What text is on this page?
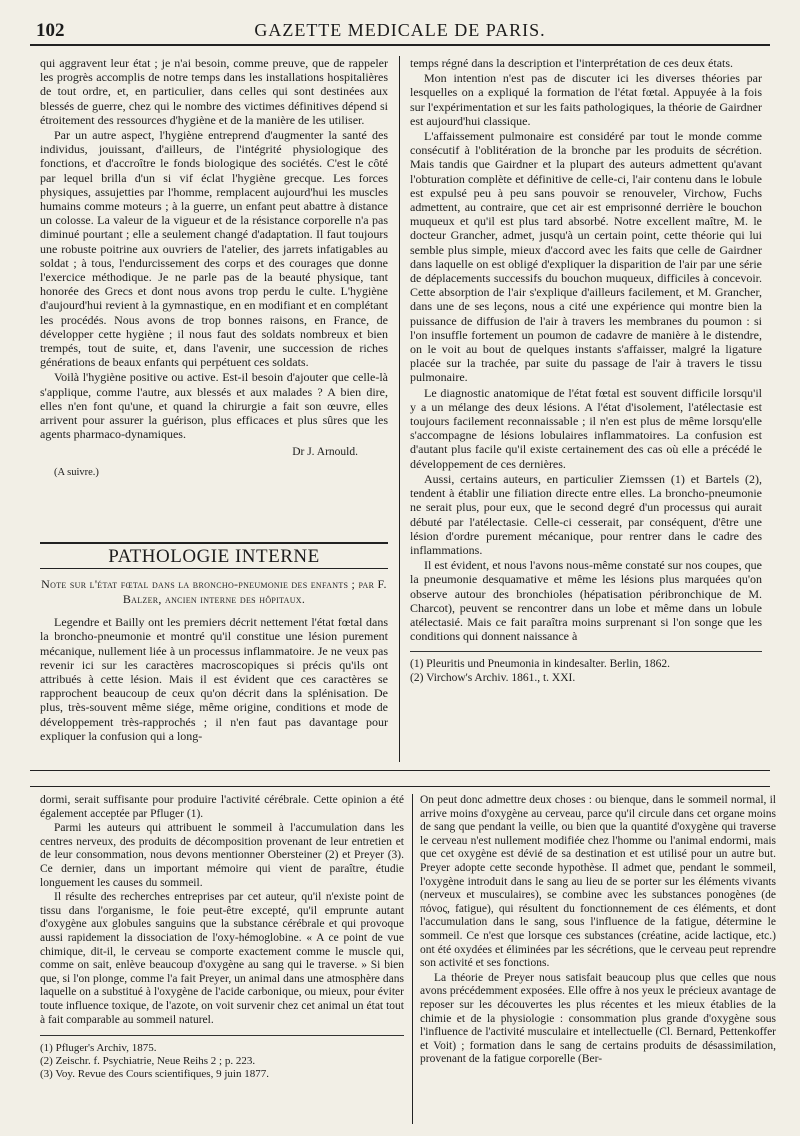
102	GAZETTE MEDICALE DE PARIS.

qui aggravent leur état ; je n'ai besoin, comme preuve, que de rappeler les progrès accomplis de notre temps dans les installations hospitalières de tout ordre, et, en particulier, dans celles qui sont destinées aux blessés de guerre, chez qui le nombre des victimes définitives dépend si étroitement des ressources d'hygiène et de la manière de les utiliser.

Par un autre aspect, l'hygiène entreprend d'augmenter la santé des individus, jouissant, d'ailleurs, de l'intégrité physiologique des fonctions, et d'accroître le fonds biologique des sociétés. C'est le côté par lequel brilla d'un si vif éclat l'hygiène grecque. Les forces physiques, assujetties par l'homme, remplacent aujourd'hui les muscles humains comme moteurs ; à la guerre, un enfant peut abattre à distance un colosse. La valeur de la vigueur et de la résistance corporelle n'a pas diminué pourtant ; elle a seulement changé d'adaptation. Il faut toujours une robuste poitrine aux ouvriers de l'atelier, des jarrets infatigables au soldat ; à tous, l'endurcissement des corps et des courages que donne l'exercice méthodique. Je ne parle pas de la beauté physique, tant honorée des Grecs et dont nous avons trop perdu le culte. L'hygiène d'aujourd'hui revient à la gymnastique, en en modifiant et en complétant les procédés. Nous avons de trop bonnes raisons, en France, de développer cette hygiène ; il nous faut des soldats nombreux et bien trempés, tout de suite, et, dans l'avenir, une succession de riches générations de beaux enfants qui perpétuent ces soldats.

Voilà l'hygiène positive ou active. Est-il besoin d'ajouter que celle-là s'applique, comme l'autre, aux blessés et aux malades ? A bien dire, elles n'en font qu'une, et quand la chirurgie a fait son œuvre, elles arrivent pour assurer la guérison, plus efficaces et plus sûres que les agents pharmaco-dynamiques.

Dr J. Arnould.
(A suivre.)
PATHOLOGIE INTERNE
Note sur l'état fœtal dans la broncho-pneumonie des enfants ; par F. Balzer, ancien interne des hôpitaux.

Legendre et Bailly ont les premiers décrit nettement l'état fœtal dans la broncho-pneumonie et montré qu'il constitue une lésion purement mécanique, nullement liée à un processus inflammatoire. Je ne veux pas revenir ici sur les caractères macroscopiques si précis qu'ils ont attribués à cette lésion. Mais il est évident que ces caractères se rapprochent beaucoup de ceux qu'on décrit dans la splénisation. De plus, très-souvent même siége, même origine, conditions et mode de développement très-rapprochés ; il n'en faut pas davantage pour expliquer la confusion qui a long-

temps régné dans la description et l'interprétation de ces deux états.

Mon intention n'est pas de discuter ici les diverses théories par lesquelles on a expliqué la formation de l'état fœtal. Appuyée à la fois sur l'expérimentation et sur les faits pathologiques, la théorie de Gairdner est aujourd'hui classique.

L'affaissement pulmonaire est considéré par tout le monde comme consécutif à l'oblitération de la bronche par les produits de sécrétion. Mais tandis que Gairdner et la plupart des auteurs admettent qu'avant l'obturation complète et définitive de celle-ci, l'air contenu dans le lobule est expulsé peu à peu sans pouvoir se renouveler, Virchow, Fuchs admettent, au contraire, que cet air est emprisonné derrière le bouchon muqueux et qu'il est plus tard absorbé. Notre excellent maître, M. le docteur Grancher, admet, jusqu'à un certain point, cette théorie qui lui semble plus simple, mieux d'accord avec les faits que celle de Gairdner dans laquelle on est obligé d'expliquer la disparition de l'air par une série de déplacements successifs du bouchon muqueux, difficiles à concevoir. Cette absorption de l'air s'explique d'ailleurs facilement, et M. Grancher, dans une de ses leçons, nous a cité une expérience qui montre bien la puissance de diffusion de l'air à travers les membranes du poumon : si l'on insuffle fortement un poumon de cadavre de manière à le distendre, on le voit au bout de quelques instants s'affaisser, malgré la ligature placée sur la trachée, par suite du passage de l'air à travers le tissu pulmonaire.

Le diagnostic anatomique de l'état fœtal est souvent difficile lorsqu'il y a un mélange des deux lésions. A l'état d'isolement, l'atélectasie est toujours facilement reconnaissable ; il n'en est plus de même lorsqu'elle s'accompagne de lésions lobulaires inflammatoires. La confusion est d'autant plus facile qu'il existe certainement des cas où elle a précédé le développement de ces dernières.

Aussi, certains auteurs, en particulier Ziemssen (1) et Bartels (2), tendent à établir une filiation directe entre elles. La broncho-pneumonie ne serait plus, pour eux, que le second degré d'un processus qui aurait débuté par l'atélectasie. Celle-ci cesserait, par conséquent, d'être une lésion d'ordre purement mécanique, pour rentrer dans le cadre des inflammations.

Il est évident, et nous l'avons nous-même constaté sur nos coupes, que la pneumonie desquamative et même les lésions plus marquées qu'on observe autour des bronchioles (hépatisation péribronchique de M. Charcot), peuvent se rencontrer dans un lobe et même dans un lobule atélectasié. Mais ce fait paraîtra moins surprenant si l'on songe que les conditions qui donnent naissance à

(1) Pleuritis und Pneumonia in kindesalter. Berlin, 1862.
(2) Virchow's Archiv. 1861., t. XXI.

dormi, serait suffisante pour produire l'activité cérébrale. Cette opinion a été également acceptée par Pfluger (1).

Parmi les auteurs qui attribuent le sommeil à l'accumulation dans les centres nerveux, des produits de décomposition provenant de leur entretien et de leur consommation, nous devons mentionner Obersteiner (2) et Preyer (3). Ce dernier, dans un important mémoire qui vient de paraître, étudie longuement les causes du sommeil.

Il résulte des recherches entreprises par cet auteur, qu'il n'existe point de tissu dans l'organisme, le foie peut-être excepté, qu'il emprunte autant d'oxygène aux globules sanguins que la substance cérébrale et qui provoque aussi rapidement la dissociation de l'oxy-hémoglobine. « A ce point de vue chimique, dit-il, le cerveau se comporte exactement comme le muscle qui, comme on sait, enlève beaucoup d'oxygène au sang qui le traverse. » Si bien que, si l'on plonge, comme l'a fait Preyer, un animal dans une atmosphère dans laquelle on a substitué à l'oxygène de l'acide carbonique, ou mieux, pour éviter toute influence toxique, de l'azote, on voit survenir chez cet animal un état tout à fait comparable au sommeil naturel.

(1) Pfluger's Archiv, 1875.
(2) Zeischr. f. Psychiatrie, Neue Reihs 2 ; p. 223.
(3) Voy. Revue des Cours scientifiques, 9 juin 1877.

On peut donc admettre deux choses : ou bienque, dans le sommeil normal, il arrive moins d'oxygène au cerveau, parce qu'il circule dans cet organe moins de sang que pendant la veille, ou bien que la quantité d'oxygène qui traverse le cerveau n'est nullement modifiée chez l'homme ou l'animal endormi, mais que cet oxygène est dévié de sa destination et est utilisé pour un autre but. Preyer adopte cette seconde hypothèse. Il admet que, pendant le sommeil, l'oxygène introduit dans le sang au lieu de se porter sur les éléments vivants (nerveux et musculaires), se combine avec les substances ponogènes (de πόνος, fatigue), qui résultent du fonctionnement de ces éléments, et dont l'accumulation dans le sang, sous l'influence de la fatigue, détermine le sommeil. Ce n'est que lorsque ces substances (créatine, acide lactique, etc.) ont été oxydées et éliminées par les sécrétions, que le cerveau peut reprendre son activité et ses fonctions.

La théorie de Preyer nous satisfait beaucoup plus que celles que nous avons précédemment exposées. Elle offre à nos yeux le précieux avantage de reposer sur les découvertes les plus récentes et les mieux établies de la chimie et de la physiologie : consommation plus grande d'oxygène sous l'influence de l'activité musculaire et intellectuelle (Cl. Bernard, Pettenkoffer et Voit) ; formation dans le sang de certains produits de désassimilation, provenant de la fatigue corporelle (Ber-
